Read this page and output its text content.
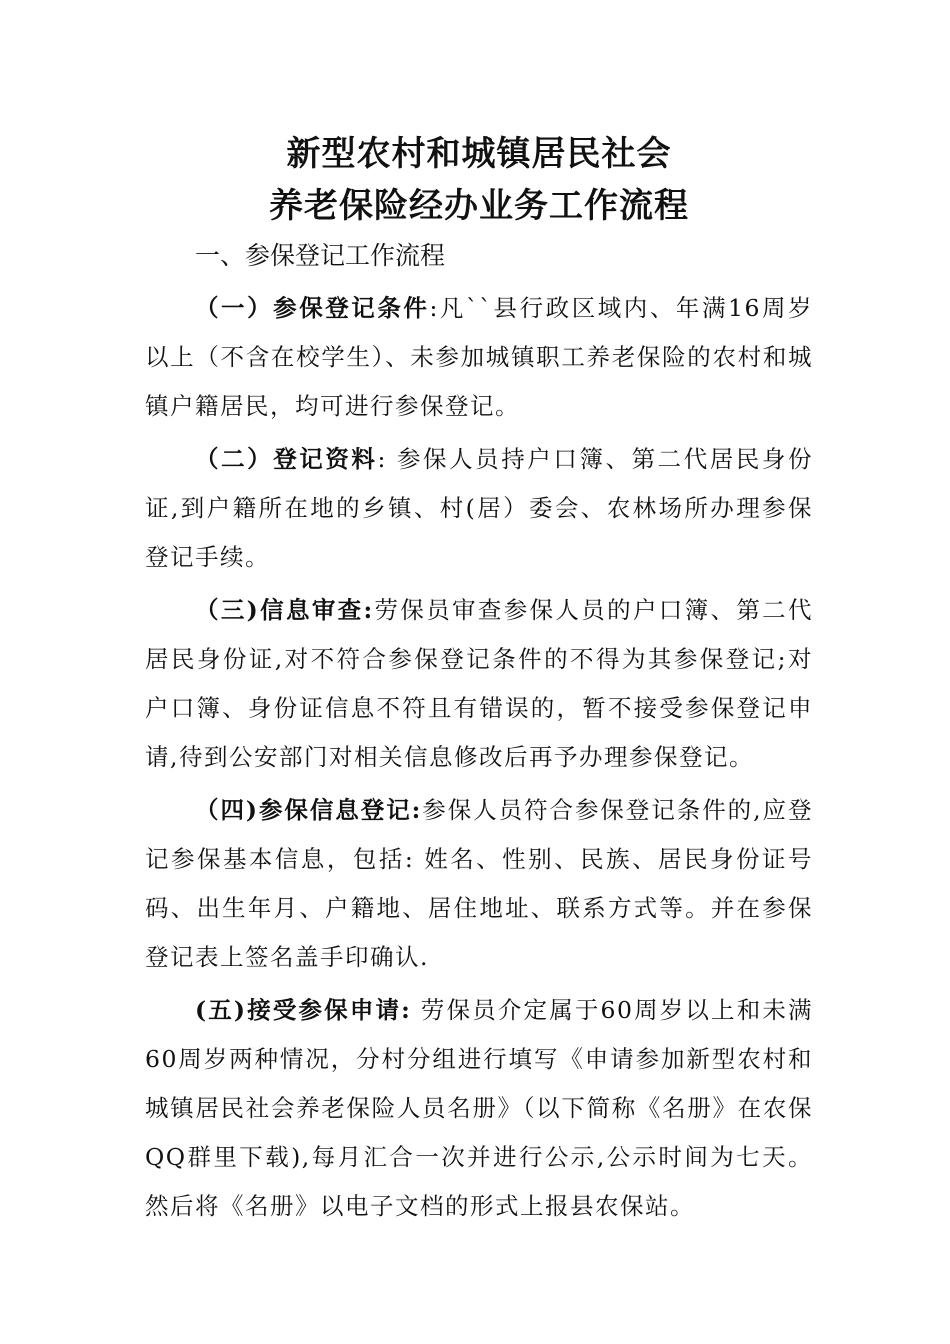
新型农村和城镇居民社会
养老保险经办业务工作流程
一、参保登记工作流程

（一）参保登记条件:凡``县行政区域内、年满16周岁以上（不含在校学生）、未参加城镇职工养老保险的农村和城镇户籍居民，均可进行参保登记。

（二）登记资料: 参保人员持户口簿、第二代居民身份证,到户籍所在地的乡镇、村(居）委会、农林场所办理参保登记手续。

（三)信息审查:劳保员审查参保人员的户口簿、第二代居民身份证,对不符合参保登记条件的不得为其参保登记;对户口簿、身份证信息不符且有错误的，暂不接受参保登记申请,待到公安部门对相关信息修改后再予办理参保登记。

（四)参保信息登记:参保人员符合参保登记条件的,应登记参保基本信息，包括: 姓名、性别、民族、居民身份证号码、出生年月、户籍地、居住地址、联系方式等。并在参保登记表上签名盖手印确认.

(五)接受参保申请: 劳保员介定属于60周岁以上和未满60周岁两种情况，分村分组进行填写《申请参加新型农村和城镇居民社会养老保险人员名册》（以下简称《名册》在农保QQ群里下载),每月汇合一次并进行公示,公示时间为七天。然后将《名册》以电子文档的形式上报县农保站。
